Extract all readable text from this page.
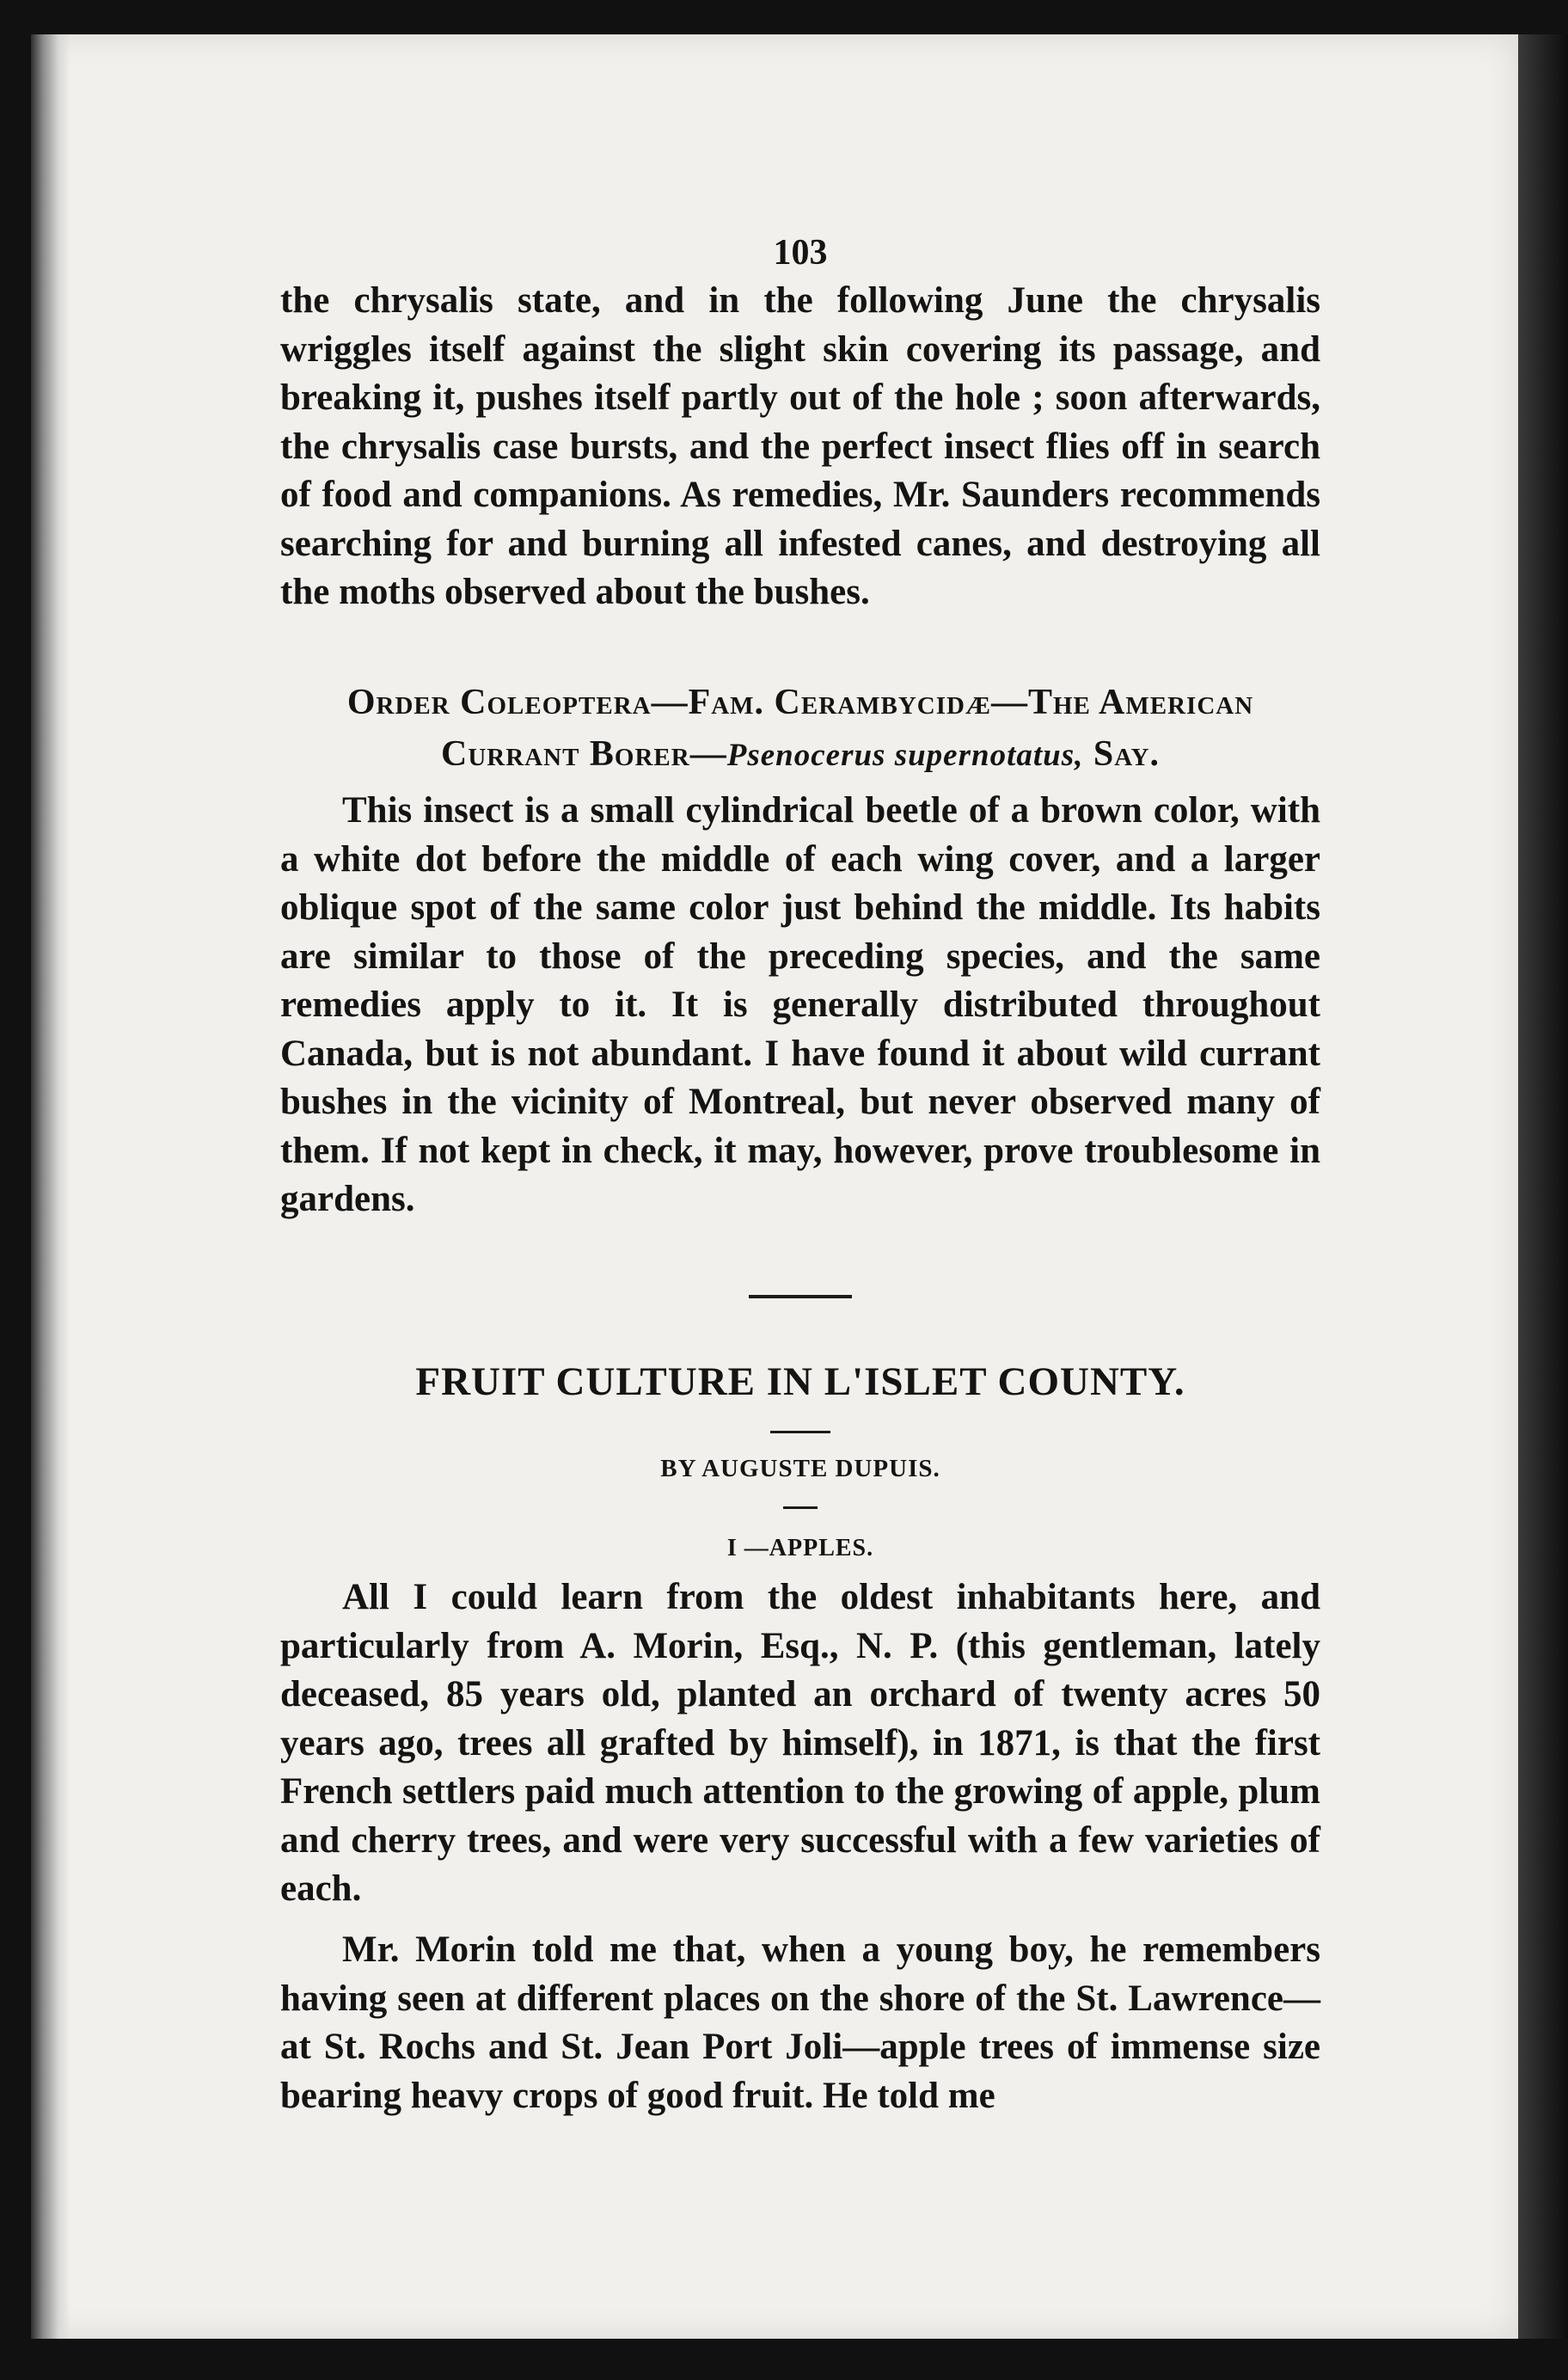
103

the chrysalis state, and in the following June the chrysalis wriggles itself against the slight skin covering its passage, and breaking it, pushes itself partly out of the hole ; soon afterwards, the chrysalis case bursts, and the perfect insect flies off in search of food and companions. As remedies, Mr. Saunders recommends searching for and burning all infested canes, and destroying all the moths observed about the bushes.

Order Coleoptera—Fam. Cerambycidæ—The American Currant Borer—Psenocerus supernotatus, Say.

This insect is a small cylindrical beetle of a brown color, with a white dot before the middle of each wing cover, and a larger oblique spot of the same color just behind the middle. Its habits are similar to those of the preceding species, and the same remedies apply to it. It is generally distributed throughout Canada, but is not abundant. I have found it about wild currant bushes in the vicinity of Montreal, but never observed many of them. If not kept in check, it may, however, prove troublesome in gardens.

FRUIT CULTURE IN L'ISLET COUNTY.
BY AUGUSTE DUPUIS.
I —APPLES.

All I could learn from the oldest inhabitants here, and particularly from A. Morin, Esq., N. P. (this gentleman, lately deceased, 85 years old, planted an orchard of twenty acres 50 years ago, trees all grafted by himself), in 1871, is that the first French settlers paid much attention to the growing of apple, plum and cherry trees, and were very successful with a few varieties of each.

Mr. Morin told me that, when a young boy, he remembers having seen at different places on the shore of the St. Lawrence—at St. Rochs and St. Jean Port Joli—apple trees of immense size bearing heavy crops of good fruit. He told me
